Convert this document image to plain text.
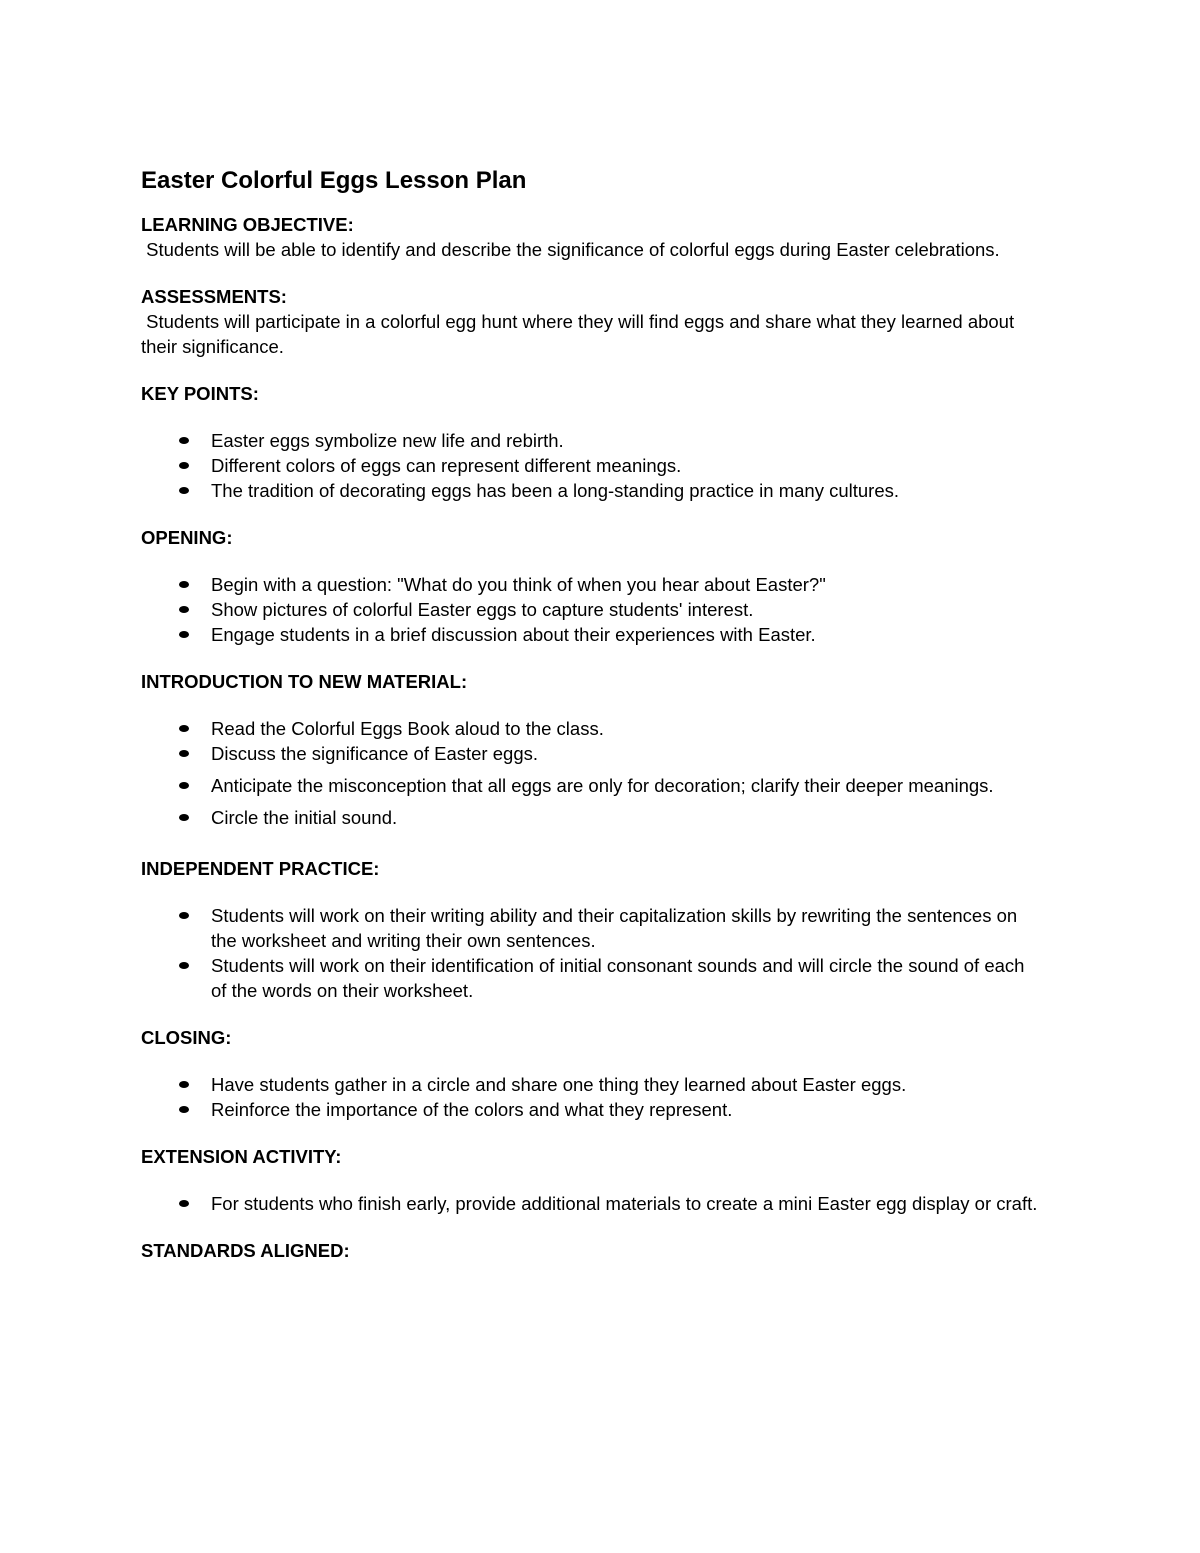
Easter Colorful Eggs Lesson Plan
LEARNING OBJECTIVE:
Students will be able to identify and describe the significance of colorful eggs during Easter celebrations.
ASSESSMENTS:
Students will participate in a colorful egg hunt where they will find eggs and share what they learned about their significance.
KEY POINTS:
Easter eggs symbolize new life and rebirth.
Different colors of eggs can represent different meanings.
The tradition of decorating eggs has been a long-standing practice in many cultures.
OPENING:
Begin with a question: "What do you think of when you hear about Easter?"
Show pictures of colorful Easter eggs to capture students' interest.
Engage students in a brief discussion about their experiences with Easter.
INTRODUCTION TO NEW MATERIAL:
Read the Colorful Eggs Book aloud to the class.
Discuss the significance of Easter eggs.
Anticipate the misconception that all eggs are only for decoration; clarify their deeper meanings.
Circle the initial sound.
INDEPENDENT PRACTICE:
Students will work on their writing ability and their capitalization skills by rewriting the sentences on the worksheet and writing their own sentences.
Students will work on their identification of initial consonant sounds and will circle the sound of each of the words on their worksheet.
CLOSING:
Have students gather in a circle and share one thing they learned about Easter eggs.
Reinforce the importance of the colors and what they represent.
EXTENSION ACTIVITY:
For students who finish early, provide additional materials to create a mini Easter egg display or craft.
STANDARDS ALIGNED:
